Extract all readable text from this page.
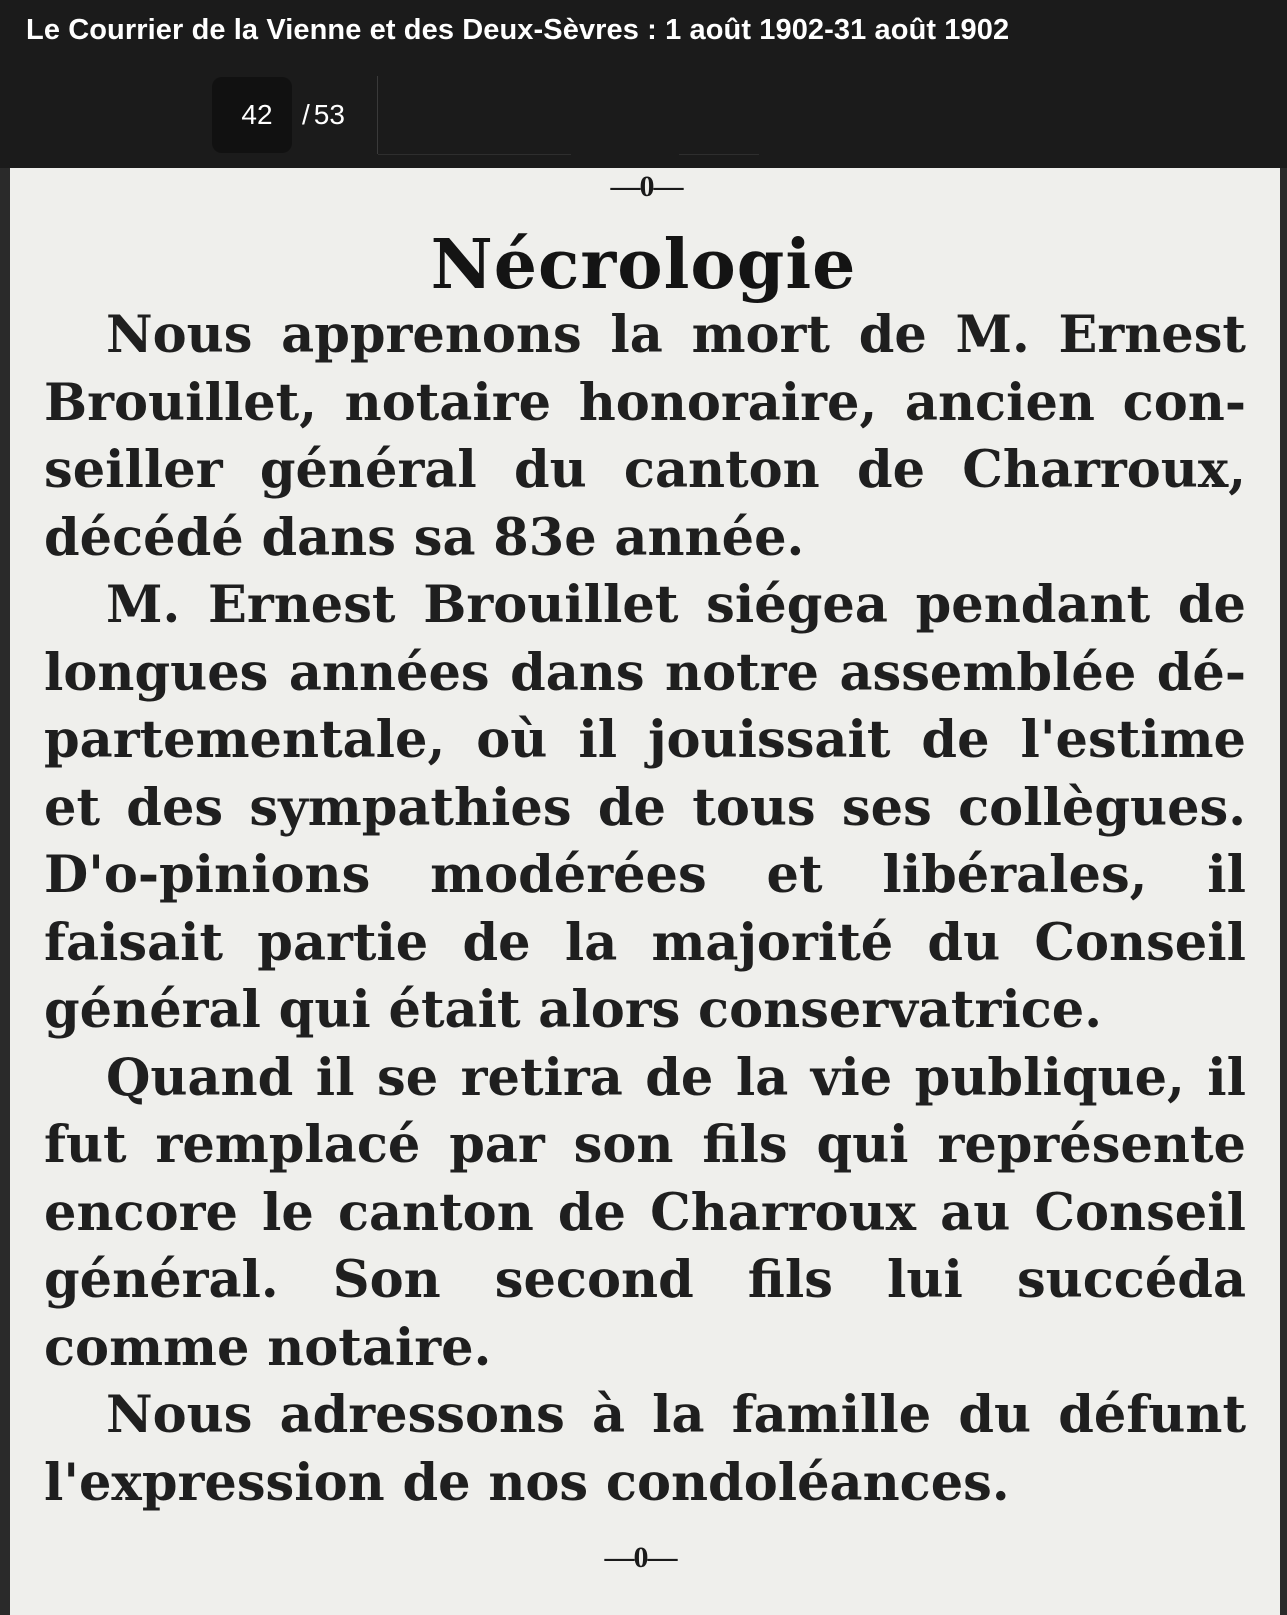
Le Courrier de la Vienne et des Deux-Sèvres : 1 août 1902-31 août 1902
42
/ 53
—0—
Nécrologie

Nous apprenons la mort de M. Ernest Brouillet, notaire honoraire, ancien con-seiller général du canton de Charroux, décédé dans sa 83e année.

M. Ernest Brouillet siégea pendant de longues années dans notre assemblée dé-partementale, où il jouissait de l'estime et des sympathies de tous ses collègues. D'o-pinions modérées et libérales, il faisait partie de la majorité du Conseil général qui était alors conservatrice.

Quand il se retira de la vie publique, il fut remplacé par son fils qui représente encore le canton de Charroux au Conseil général. Son second fils lui succéda comme notaire.

Nous adressons à la famille du défunt l'expression de nos condoléances.

—0—
